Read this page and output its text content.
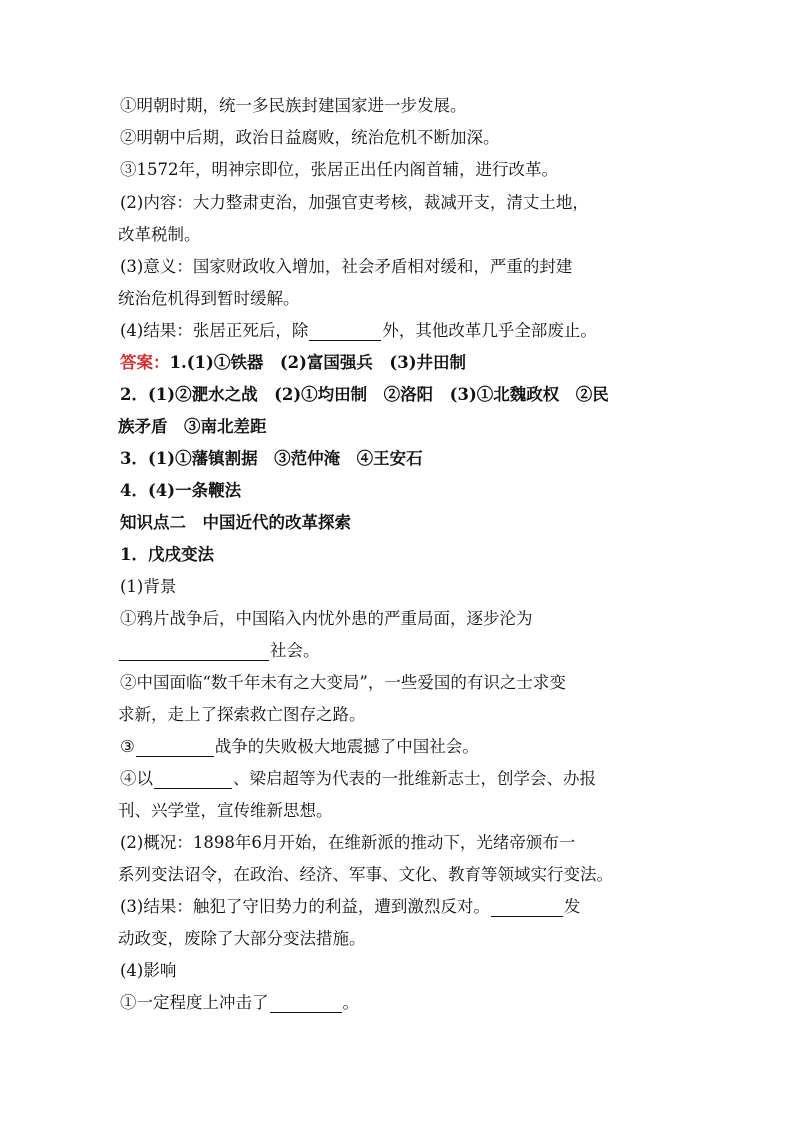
①明朝时期，统一多民族封建国家进一步发展。
②明朝中后期，政治日益腐败，统治危机不断加深。
③1572年，明神宗即位，张居正出任内阁首辅，进行改革。
(2)内容：大力整肃吏治，加强官吏考核，裁减开支，清丈土地，
改革税制。
(3)意义：国家财政收入增加，社会矛盾相对缓和，严重的封建
统治危机得到暂时缓解。
(4)结果：张居正死后，除	外，其他改革几乎全部废止。
答案：1.(1)①铁器　(2)富国强兵　(3)井田制
2．(1)②淝水之战　(2)①均田制　②洛阳　(3)①北魏政权　②民
族矛盾　③南北差距
3．(1)①藩镇割据　③范仲淹　④王安石
4．(4)一条鞭法
知识点二　中国近代的改革探索
1．戊戌变法
(1)背景
①鸦片战争后，中国陷入内忧外患的严重局面，逐步沦为
社会。
②中国面临“数千年未有之大变局”，一些爱国的有识之士求变
求新，走上了探索救亡图存之路。
③	战争的失败极大地震撼了中国社会。
④以	、梁启超等为代表的一批维新志士，创学会、办报
刊、兴学堂，宣传维新思想。
(2)概况：1898年6月开始，在维新派的推动下，光绪帝颁布一
系列变法诏令，在政治、经济、军事、文化、教育等领域实行变法。
(3)结果：触犯了守旧势力的利益，遭到激烈反对。	发
动政变，废除了大部分变法措施。
(4)影响
①一定程度上冲击了	。
